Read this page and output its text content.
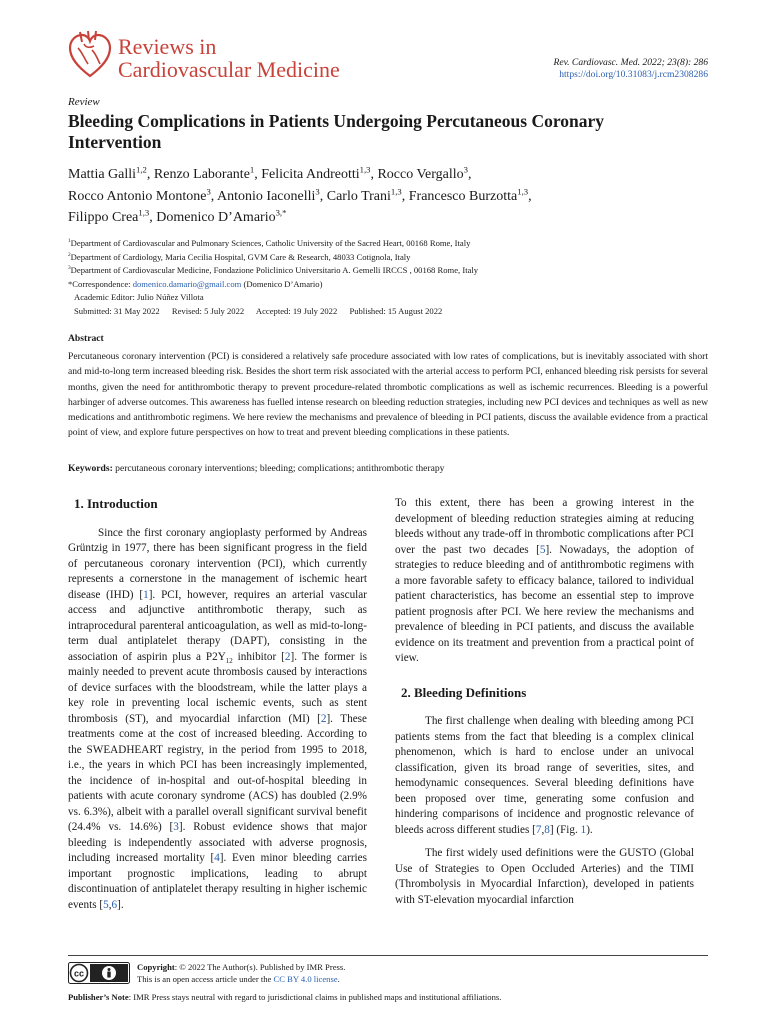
Reviews in
Cardiovascular Medicine	Rev. Cardiovasc. Med. 2022; 23(8): 286
https://doi.org/10.31083/j.rcm2308286
Review
Bleeding Complications in Patients Undergoing Percutaneous Coronary Intervention
Mattia Galli$^{1,2}$, Renzo Laborante$^1$, Felicita Andreotti$^{1,3}$, Rocco Vergallo$^3$,
Rocco Antonio Montone$^3$, Antonio Iaconelli$^3$, Carlo Trani$^{1,3}$, Francesco Burzotta$^{1,3}$,
Filippo Crea$^{1,3}$, Domenico D’Amario$^{3,*}$
$^1$Department of Cardiovascular and Pulmonary Sciences, Catholic University of the Sacred Heart, 00168 Rome, Italy
$^2$Department of Cardiology, Maria Cecilia Hospital, GVM Care & Research, 48033 Cotignola, Italy
$^3$Department of Cardiovascular Medicine, Fondazione Policlinico Universitario A. Gemelli IRCCS , 00168 Rome, Italy
*Correspondence: domenico.damario@gmail.com (Domenico D’Amario)
Academic Editor: Julio Núñez Villota
Submitted: 31 May 2022 Revised: 5 July 2022 Accepted: 19 July 2022 Published: 15 August 2022
Abstract
Percutaneous coronary intervention (PCI) is considered a relatively safe procedure associated with low rates of complications, but is inevitably associated with short and mid-to-long term increased bleeding risk. Besides the short term risk associated with the arterial access to perform PCI, enhanced bleeding risk persists for several months, given the need for antithrombotic therapy to prevent procedure-related thrombotic complications as well as ischemic recurrences. Bleeding is a powerful harbinger of adverse outcomes. This awareness has fuelled intense research on bleeding reduction strategies, including new PCI devices and techniques as well as new medications and antithrombotic regimens. We here review the mechanisms and prevalence of bleeding in PCI patients, discuss the available evidence from a practical point of view, and explore future perspectives on how to treat and prevent bleeding complications in these patients.
Keywords: percutaneous coronary interventions; bleeding; complications; antithrombotic therapy
1. Introduction

Since the first coronary angioplasty performed by Andreas Grüntzig in 1977, there has been significant progress in the field of percutaneous coronary intervention (PCI), which currently represents a cornerstone in the management of ischemic heart disease (IHD) [1]. PCI, however, requires an arterial vascular access and adjunctive antithrombotic therapy, such as intraprocedural parenteral anticoagulation, as well as mid-to-long-term dual antiplatelet therapy (DAPT), consisting in the association of aspirin plus a $P2Y_{12}$ inhibitor [2]. The former is mainly needed to prevent acute thrombosis caused by interactions of device surfaces with the bloodstream, while the latter plays a key role in preventing local ischemic events, such as stent thrombosis (ST), and myocardial infarction (MI) [2]. These treatments come at the cost of increased bleeding. According to the SWEADHEART registry, in the period from 1995 to 2018, i.e., the years in which PCI has been increasingly implemented, the incidence of in-hospital and out-of-hospital bleeding in patients with acute coronary syndrome (ACS) has doubled (2.9% vs. 6.3%), albeit with a parallel overall significant survival benefit (24.4% vs. 14.6%) [3]. Robust evidence shows that major bleeding is independently associated with adverse prognosis, including increased mortality [4]. Even minor bleeding carries important prognostic implications, leading to abrupt discontinuation of antiplatelet therapy resulting in higher ischemic events [5,6].

To this extent, there has been a growing interest in the development of bleeding reduction strategies aiming at reducing bleeds without any trade-off in thrombotic complications after PCI over the past two decades [5]. Nowadays, the adoption of strategies to reduce bleeding and of antithrombotic regimens with a more favorable safety to efficacy balance, tailored to individual patient characteristics, has become an essential step to improve patient prognosis after PCI. We here review the mechanisms and prevalence of bleeding in PCI patients, and discuss the available evidence on its treatment and prevention from a practical point of view.

2. Bleeding Definitions

The first challenge when dealing with bleeding among PCI patients stems from the fact that bleeding is a complex clinical phenomenon, which is hard to enclose under an univocal classification, given its broad range of severities, sites, and hemodynamic consequences. Several bleeding definitions have been proposed over time, generating some confusion and hindering comparisons of incidence and prognostic relevance of bleeds across different studies [7,8] (Fig. 1).

The first widely used definitions were the GUSTO (Global Use of Strategies to Open Occluded Arteries) and the TIMI (Thrombolysis in Myocardial Infarction), developed in patients with ST-elevation myocardial infarction

cc
Copyright: © 2022 The Author(s). Published by IMR Press.
This is an open access article under the CC BY 4.0 license.
Publisher’s Note: IMR Press stays neutral with regard to jurisdictional claims in published maps and institutional affiliations.
